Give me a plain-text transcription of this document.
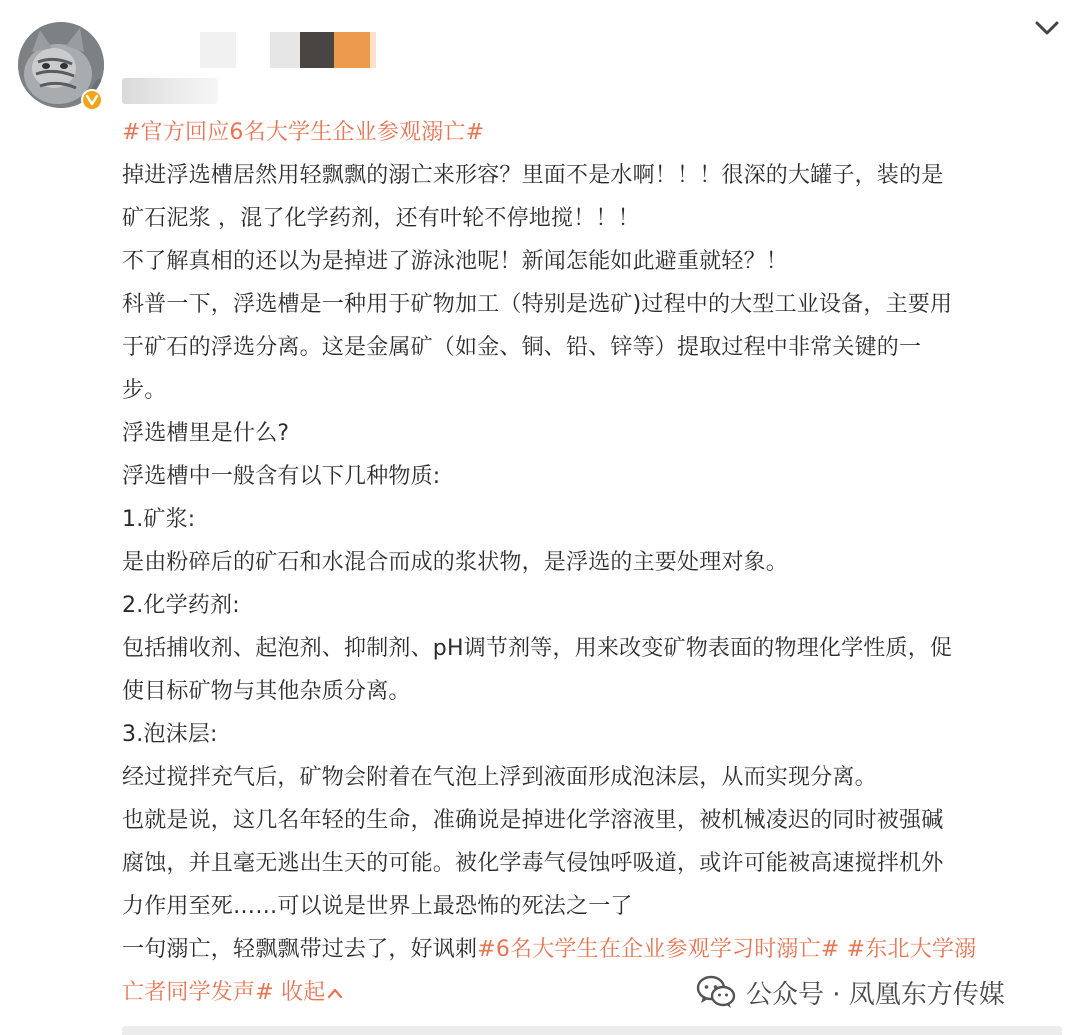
#官方回应6名大学生企业参观溺亡#

掉进浮选槽居然用轻飘飘的溺亡来形容？里面不是水啊！！！很深的大罐子，装的是

矿石泥浆 ，混了化学药剂，还有叶轮不停地搅！！！

不了解真相的还以为是掉进了游泳池呢！新闻怎能如此避重就轻？！

科普一下，浮选槽是一种用于矿物加工（特别是选矿)过程中的大型工业设备，主要用

于矿石的浮选分离。这是金属矿（如金、铜、铅、锌等）提取过程中非常关键的一

步。

浮选槽里是什么?

浮选槽中一般含有以下几种物质:

1.矿浆:

是由粉碎后的矿石和水混合而成的浆状物，是浮选的主要处理对象。

2.化学药剂:

包括捕收剂、起泡剂、抑制剂、pH调节剂等，用来改变矿物表面的物理化学性质，促

使目标矿物与其他杂质分离。

3.泡沫层:

经过搅拌充气后，矿物会附着在气泡上浮到液面形成泡沫层，从而实现分离。

也就是说，这几名年轻的生命，准确说是掉进化学溶液里，被机械凌迟的同时被强碱

腐蚀，并且毫无逃出生天的可能。被化学毒气侵蚀呼吸道，或许可能被高速搅拌机外

力作用至死……可以说是世界上最恐怖的死法之一了

一句溺亡，轻飘飘带过去了，好讽刺#6名大学生在企业参观学习时溺亡# #东北大学溺

亡者同学发声# 收起	公众号 · 凤凰东方传媒
